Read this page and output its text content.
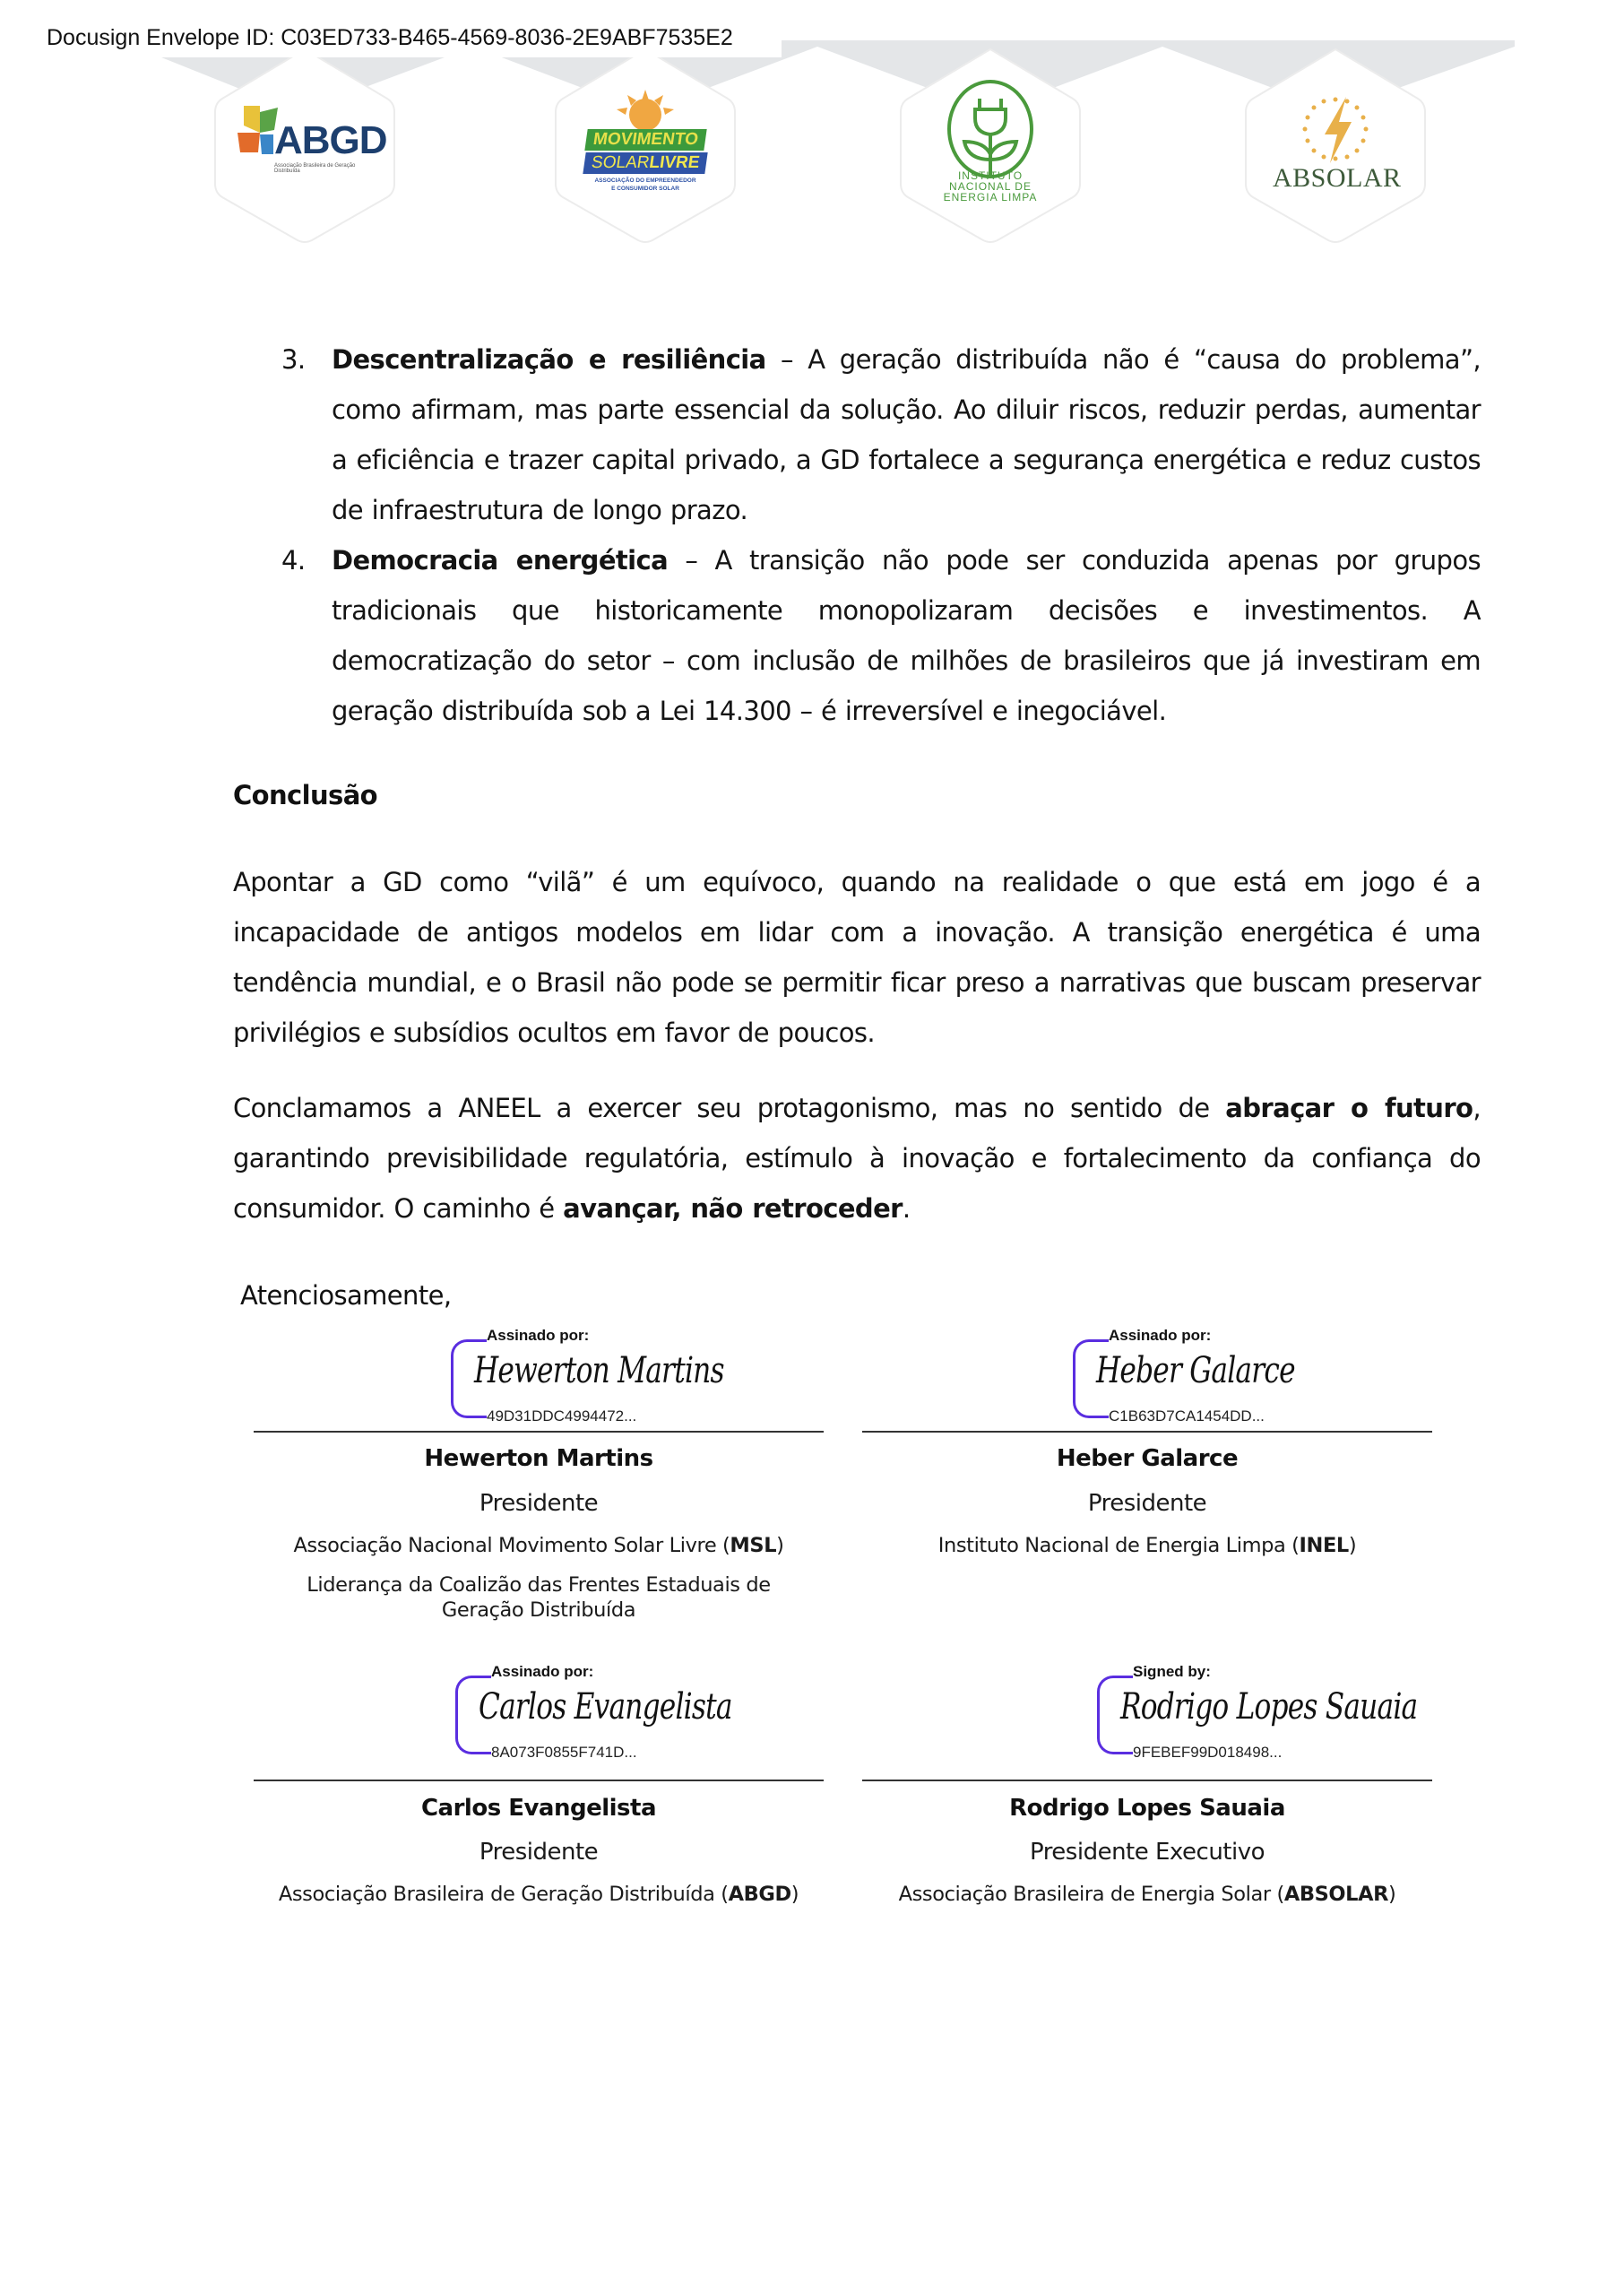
Docusign Envelope ID: C03ED733-B465-4569-8036-2E9ABF7535E2
ABGD
Associação Brasileira de Geração Distribuída
MOVIMENTO
SOLARLIVRE
ASSOCIAÇÃO DO EMPREENDEDOR
E CONSUMIDOR SOLAR
INSTITUTO
NACIONAL DE
ENERGIA LIMPA
ABSOLAR
3. Descentralização e resiliência – A geração distribuída não é “causa do problema”, como afirmam, mas parte essencial da solução. Ao diluir riscos, reduzir perdas, aumentar a eficiência e trazer capital privado, a GD fortalece a segurança energética e reduz custos de infraestrutura de longo prazo.
4. Democracia energética – A transição não pode ser conduzida apenas por grupos tradicionais que historicamente monopolizaram decisões e investimentos. A democratização do setor – com inclusão de milhões de brasileiros que já investiram em geração distribuída sob a Lei 14.300 – é irreversível e inegociável.
Conclusão
Apontar a GD como “vilã” é um equívoco, quando na realidade o que está em jogo é a incapacidade de antigos modelos em lidar com a inovação. A transição energética é uma tendência mundial, e o Brasil não pode se permitir ficar preso a narrativas que buscam preservar privilégios e subsídios ocultos em favor de poucos.
Conclamamos a ANEEL a exercer seu protagonismo, mas no sentido de abraçar o futuro, garantindo previsibilidade regulatória, estímulo à inovação e fortalecimento da confiança do consumidor. O caminho é avançar, não retroceder.
Atenciosamente,
Assinado por:
Hewerton Martins
49D31DDC4994472...
Hewerton Martins
Presidente
Associação Nacional Movimento Solar Livre (MSL)
Liderança da Coalizão das Frentes Estaduais de Geração Distribuída
Assinado por:
Heber Galarce
C1B63D7CA1454DD...
Heber Galarce
Presidente
Instituto Nacional de Energia Limpa (INEL)
Assinado por:
Carlos Evangelista
8A073F0855F741D...
Carlos Evangelista
Presidente
Associação Brasileira de Geração Distribuída (ABGD)
Signed by:
Rodrigo Lopes Sauaia
9FEBEF99D018498...
Rodrigo Lopes Sauaia
Presidente Executivo
Associação Brasileira de Energia Solar (ABSOLAR)
